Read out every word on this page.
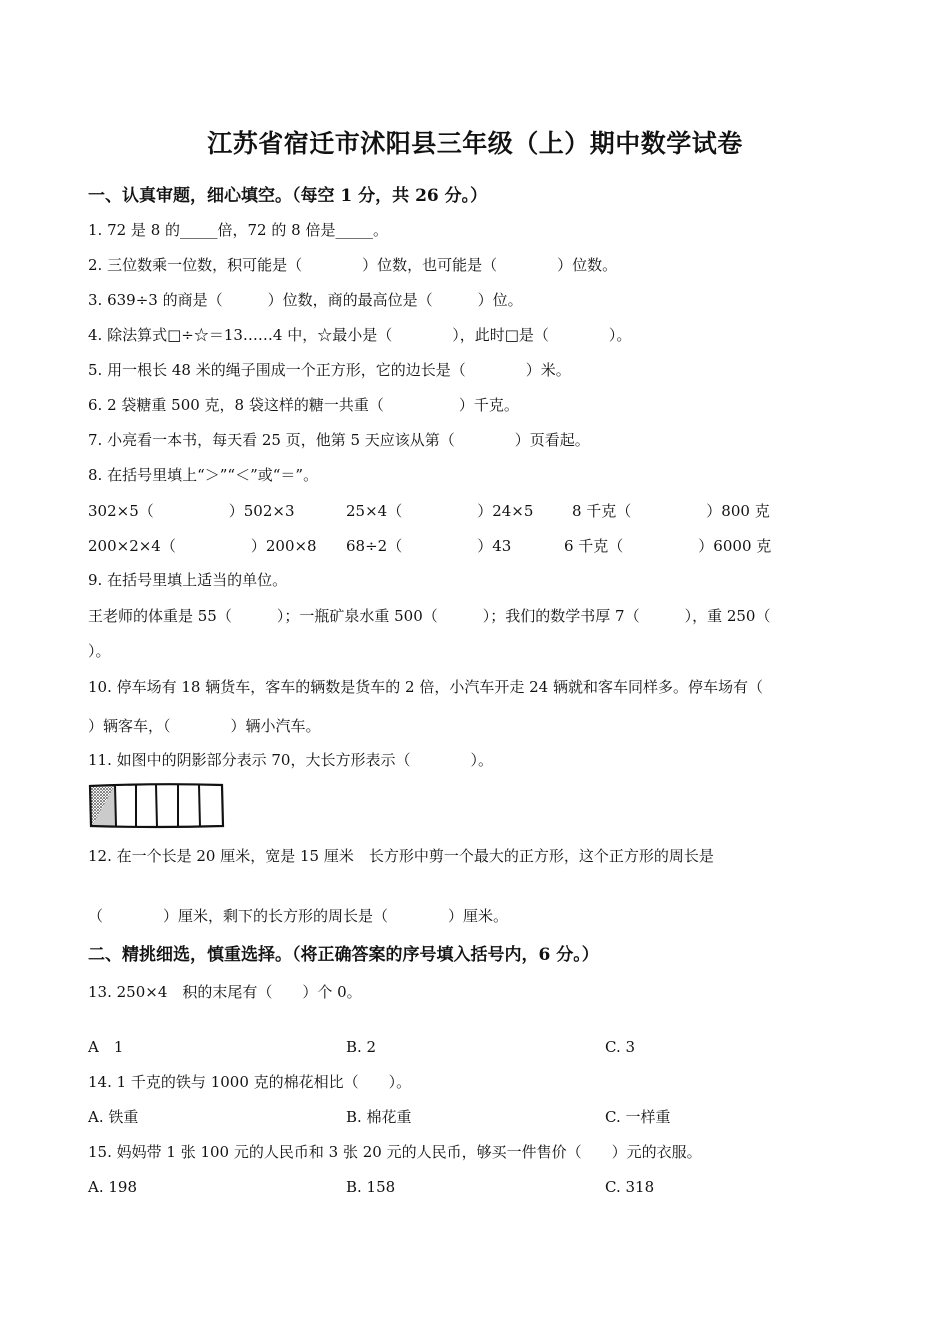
江苏省宿迁市沭阳县三年级（上）期中数学试卷
一、认真审题，细心填空。（每空 1 分，共 26 分。）
1. 72 是 8 的_____倍，72 的 8 倍是_____。
2. 三位数乘一位数，积可能是（　　　　）位数，也可能是（　　　　）位数。
3. 639÷3 的商是（　　　）位数，商的最高位是（　　　）位。
4. 除法算式□÷☆＝13……4 中，☆最小是（　　　　），此时□是（　　　　）。
5. 用一根长 48 米的绳子围成一个正方形，它的边长是（　　　　）米。
6. 2 袋糖重 500 克，8 袋这样的糖一共重（　　　　　）千克。
7. 小亮看一本书，每天看 25 页，他第 5 天应该从第（　　　　）页看起。
8. 在括号里填上“＞”“＜”或“＝”。
302×5（　　　　　）502×3	25×4（　　　　　）24×5	8 千克（　　　　　）800 克
200×2×4（　　　　　）200×8 68÷2（　　　　　）43	6 千克（　　　　　）6000 克
9. 在括号里填上适当的单位。
王老师的体重是 55（　　　）；一瓶矿泉水重 500（　　　）；我们的数学书厚 7（　　　），重 250（
）。
10. 停车场有 18 辆货车，客车的辆数是货车的 2 倍，小汽车开走 24 辆就和客车同样多。停车场有（
）辆客车，（　　　　）辆小汽车。
11. 如图中的阴影部分表示 70，大长方形表示（　　　　）。
12. 在一个长是 20 厘米，宽是 15 厘米　长方形中剪一个最大的正方形，这个正方形的周长是
（　　　　）厘米，剩下的长方形的周长是（　　　　）厘米。
二、精挑细选，慎重选择。（将正确答案的序号填入括号内，6 分。）
13. 250×4　积的末尾有（　　）个 0。
A　1	B. 2	C. 3
14. 1 千克的铁与 1000 克的棉花相比（　　）。
A. 铁重	B. 棉花重	C. 一样重
15. 妈妈带 1 张 100 元的人民币和 3 张 20 元的人民币，够买一件售价（　　）元的衣服。
A. 198	B. 158	C. 318
